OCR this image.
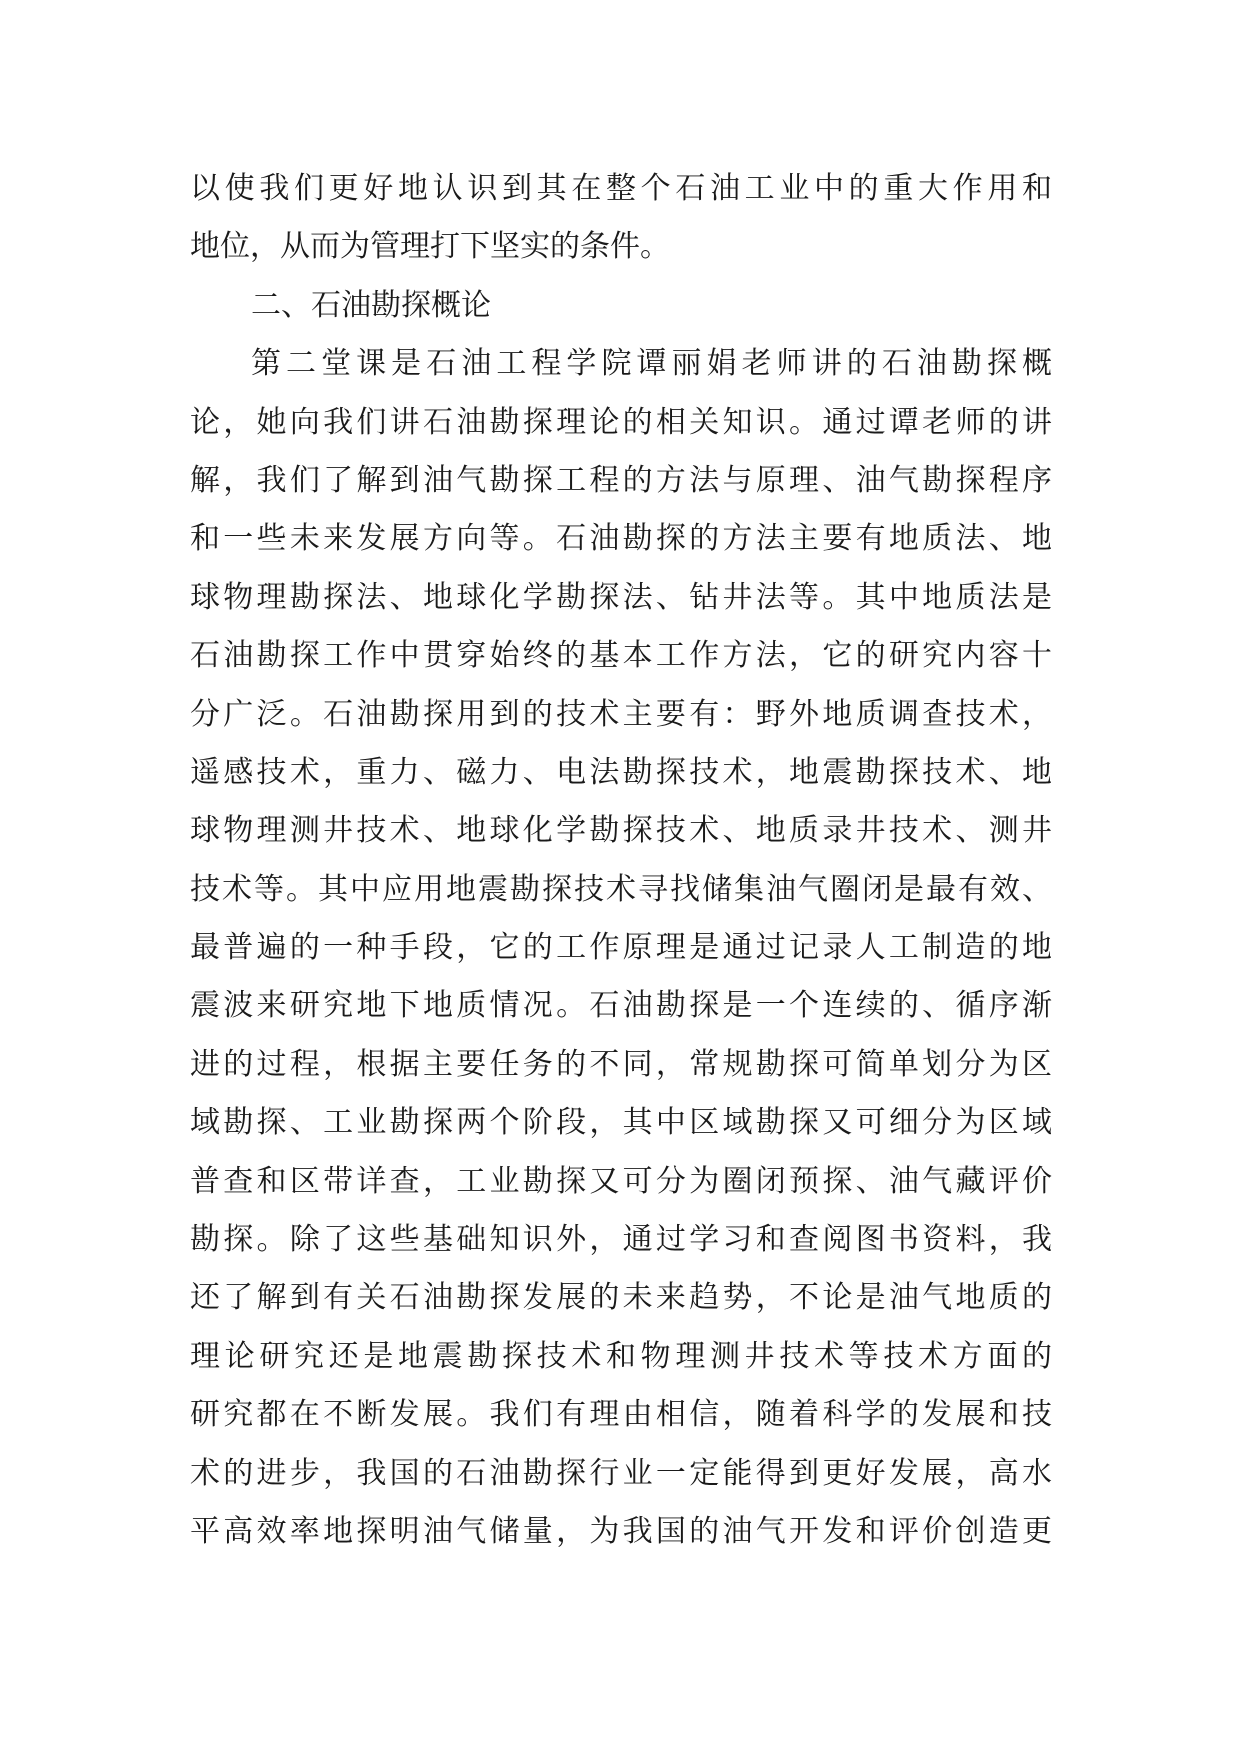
以使我们更好地认识到其在整个石油工业中的重大作用和
地位，从而为管理打下坚实的条件。
二、石油勘探概论
第二堂课是石油工程学院谭丽娟老师讲的石油勘探概
论，她向我们讲石油勘探理论的相关知识。通过谭老师的讲
解，我们了解到油气勘探工程的方法与原理、油气勘探程序
和一些未来发展方向等。石油勘探的方法主要有地质法、地
球物理勘探法、地球化学勘探法、钻井法等。其中地质法是
石油勘探工作中贯穿始终的基本工作方法，它的研究内容十
分广泛。石油勘探用到的技术主要有：野外地质调查技术，
遥感技术，重力、磁力、电法勘探技术，地震勘探技术、地
球物理测井技术、地球化学勘探技术、地质录井技术、测井
技术等。其中应用地震勘探技术寻找储集油气圈闭是最有效、
最普遍的一种手段，它的工作原理是通过记录人工制造的地
震波来研究地下地质情况。石油勘探是一个连续的、循序渐
进的过程，根据主要任务的不同，常规勘探可简单划分为区
域勘探、工业勘探两个阶段，其中区域勘探又可细分为区域
普查和区带详查，工业勘探又可分为圈闭预探、油气藏评价
勘探。除了这些基础知识外，通过学习和查阅图书资料，我
还了解到有关石油勘探发展的未来趋势，不论是油气地质的
理论研究还是地震勘探技术和物理测井技术等技术方面的
研究都在不断发展。我们有理由相信，随着科学的发展和技
术的进步，我国的石油勘探行业一定能得到更好发展，高水
平高效率地探明油气储量，为我国的油气开发和评价创造更
